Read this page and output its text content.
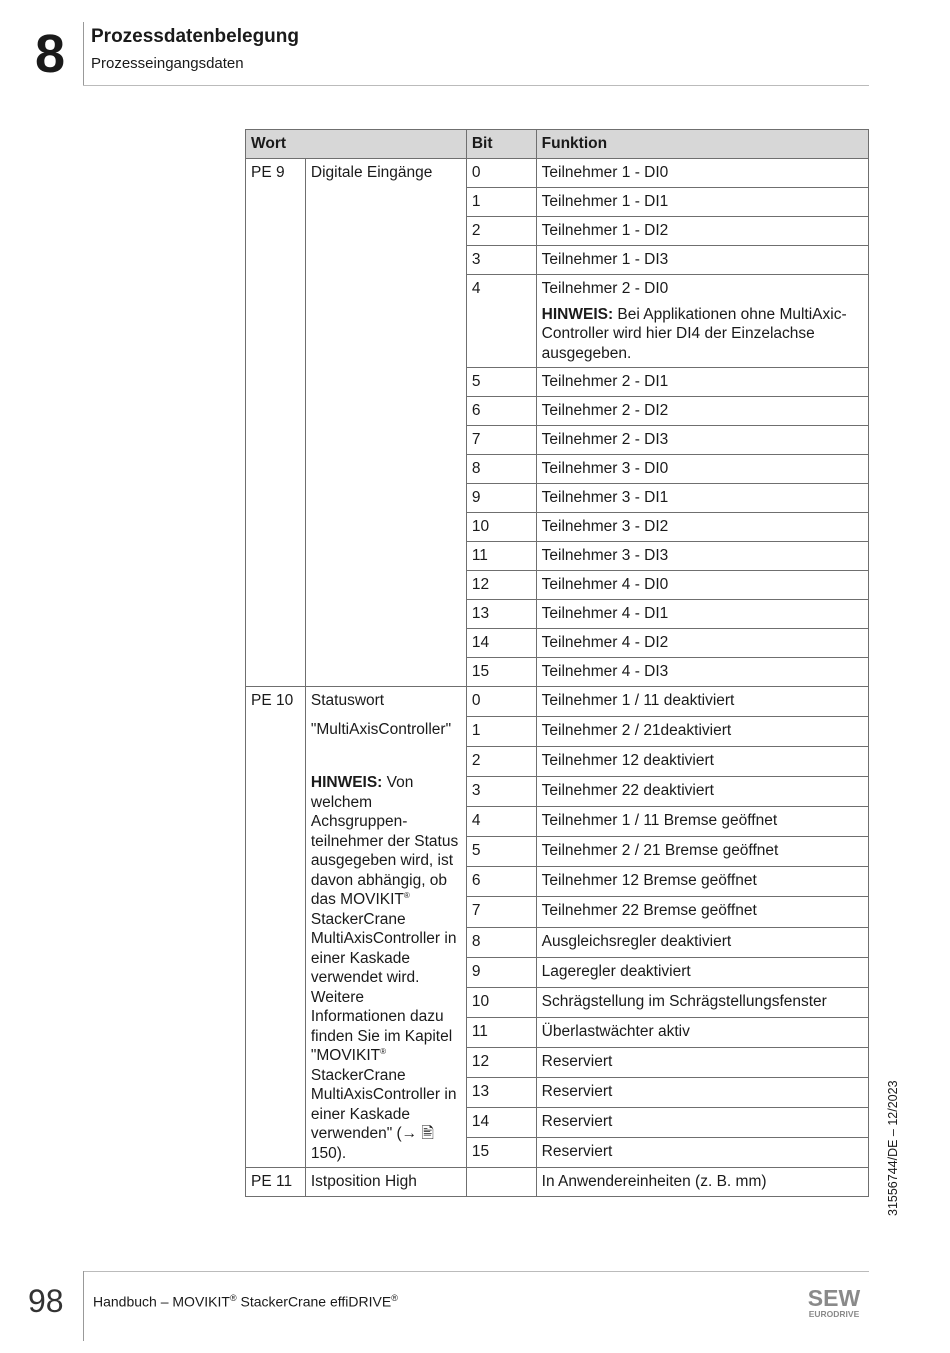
8	Prozessdatenbelegung
Prozesseingangsdaten
Wort		Bit	Funktion
PE 9	Digitale Eingänge	0	Teilnehmer 1 - DI0
		1	Teilnehmer 1 - DI1
		2	Teilnehmer 1 - DI2
		3	Teilnehmer 1 - DI3
		4	Teilnehmer 2 - DI0
HINWEIS: Bei Applikationen ohne MultiAxic-Controller wird hier DI4 der Einzelachse ausgegeben.

		5	Teilnehmer 2 - DI1
		6	Teilnehmer 2 - DI2
		7	Teilnehmer 2 - DI3
		8	Teilnehmer 3 - DI0
		9	Teilnehmer 3 - DI1
		10	Teilnehmer 3 - DI2
		11	Teilnehmer 3 - DI3
		12	Teilnehmer 4 - DI0
		13	Teilnehmer 4 - DI1
		14	Teilnehmer 4 - DI2
		15	Teilnehmer 4 - DI3
PE 10	Statuswort
"MultiAxisController"
HINWEIS: Von welchem Achsgruppenteilnehmer der Status ausgegeben wird, ist davon abhängig, ob das MOVIKIT® StackerCrane MultiAxisController in einer Kaskade verwendet wird. Weitere Informationen dazu finden Sie im Kapitel "MOVIKIT® StackerCrane MultiAxisController in einer Kaskade verwenden" (→ 🖹 150).	0	Teilnehmer 1 / 11 deaktiviert
		1	Teilnehmer 2 / 21deaktiviert
		2	Teilnehmer 12 deaktiviert
		3	Teilnehmer 22 deaktiviert
		4	Teilnehmer 1 / 11 Bremse geöffnet
		5	Teilnehmer 2 / 21 Bremse geöffnet
		6	Teilnehmer 12 Bremse geöffnet
		7	Teilnehmer 22 Bremse geöffnet
		8	Ausgleichsregler deaktiviert
		9	Lageregler deaktiviert
		10	Schrägstellung im Schrägstellungsfenster
		11	Überlastwächter aktiv
		12	Reserviert
		13	Reserviert
		14	Reserviert
		15	Reserviert
PE 11	Istposition High		In Anwendereinheiten (z. B. mm)	31556744/DE – 12/2023
98 Handbuch – MOVIKIT® StackerCrane effiDRIVE®	SEW
EURODRIVE
